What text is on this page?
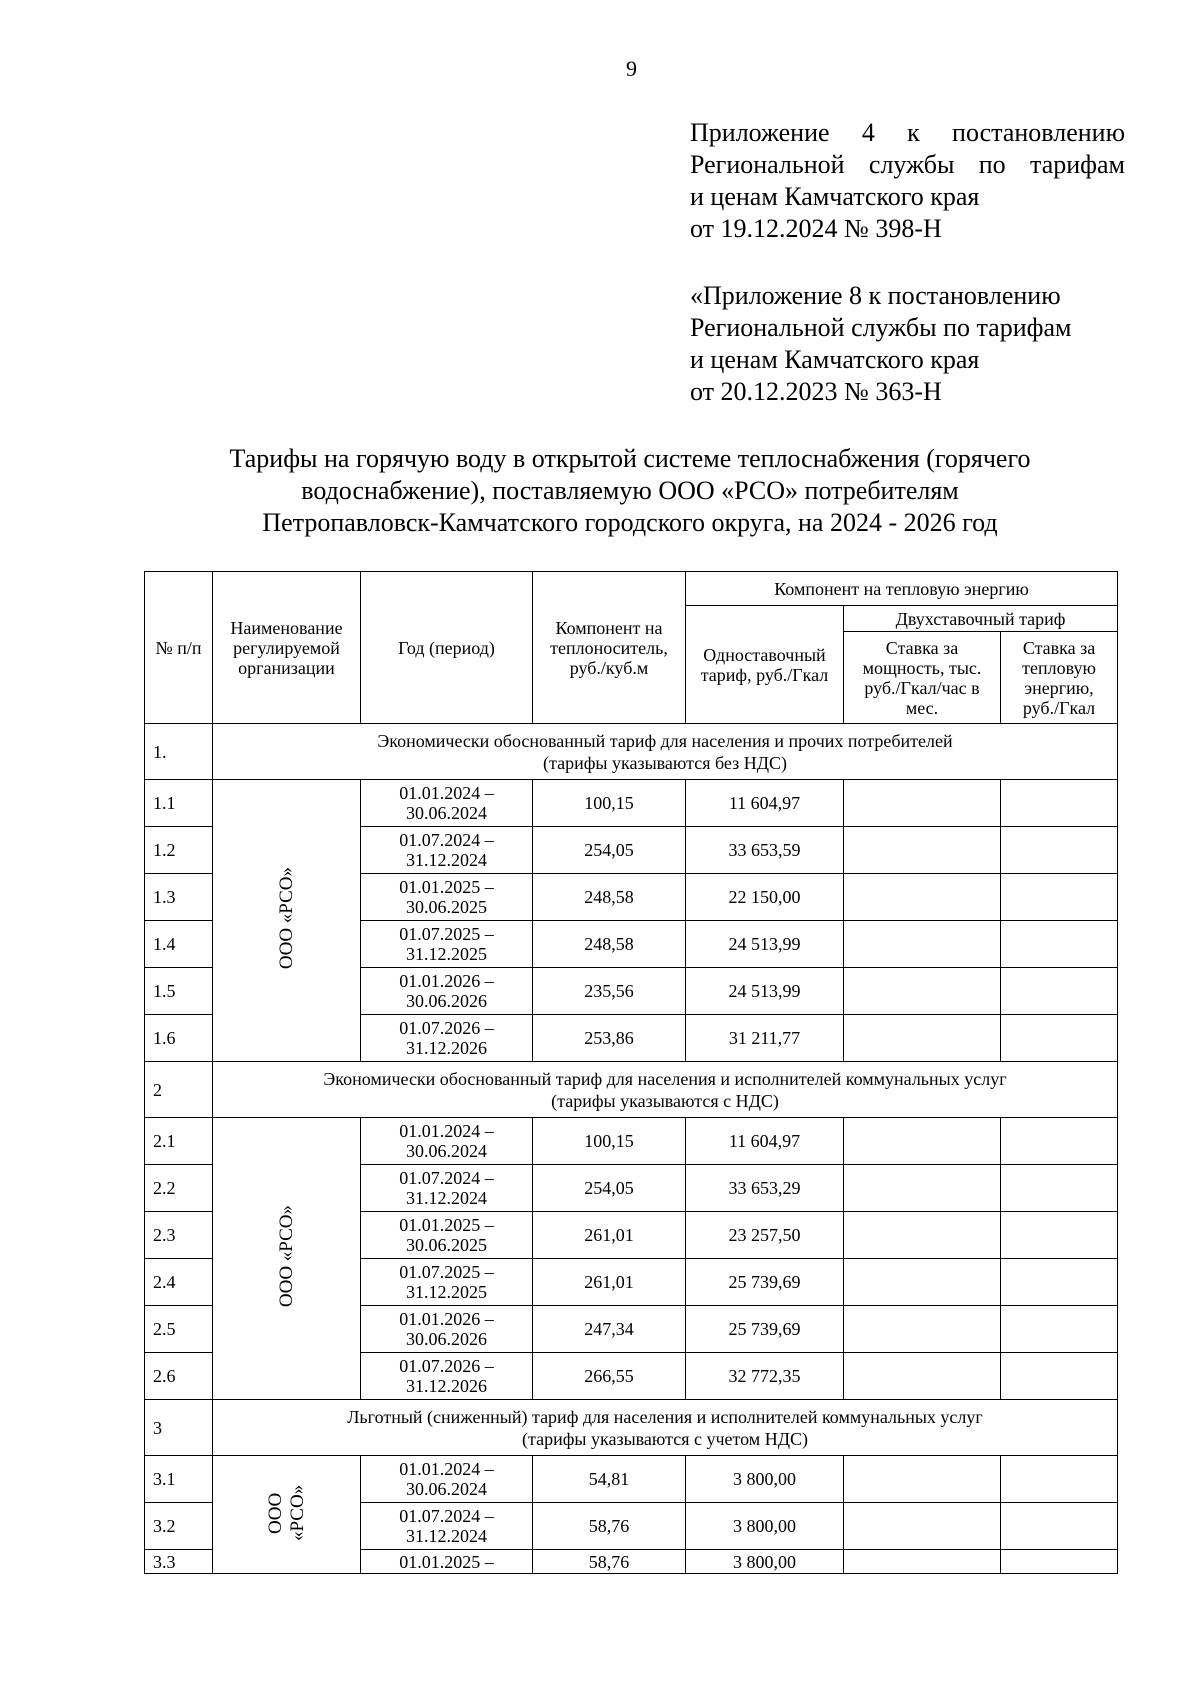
9
Приложение 4 к постановлению
Региональной службы по тарифам
и ценам Камчатского края
от 19.12.2024 № 398-Н
«Приложение 8 к постановлению
Региональной службы по тарифам
и ценам Камчатского края
от 20.12.2023 № 363-Н
Тарифы на горячую воду в открытой системе теплоснабжения (горячего
водоснабжение), поставляемую ООО «РСО» потребителям
Петропавловск-Камчатского городского округа, на 2024 - 2026 год
№ п/п	Наименование регулируемой организации	Год (период)	Компонент на теплоноситель, руб./куб.м	Компонент на тепловую энергию		
				Одноставочный тариф, руб./Гкал	Двухставочный тариф	
					Ставка за мощность, тыс. руб./Гкал/час в мес.	Ставка за тепловую энергию, руб./Гкал
1.	Экономически обоснованный тариф для населения и прочих потребителей
(тарифы указываются без НДС)					
1.1	ООО «РСО»	01.01.2024 –
30.06.2024	100,15	11 604,97		
1.2		01.07.2024 –
31.12.2024	254,05	33 653,59		
1.3		01.01.2025 –
30.06.2025	248,58	22 150,00		
1.4		01.07.2025 –
31.12.2025	248,58	24 513,99		
1.5		01.01.2026 –
30.06.2026	235,56	24 513,99		
1.6		01.07.2026 –
31.12.2026	253,86	31 211,77		
2	Экономически обоснованный тариф для населения и исполнителей коммунальных услуг
(тарифы указываются с НДС)					
2.1	ООО «РСО»	01.01.2024 –
30.06.2024	100,15	11 604,97		
2.2		01.07.2024 –
31.12.2024	254,05	33 653,29		
2.3		01.01.2025 –
30.06.2025	261,01	23 257,50		
2.4		01.07.2025 –
31.12.2025	261,01	25 739,69		
2.5		01.01.2026 –
30.06.2026	247,34	25 739,69		
2.6		01.07.2026 –
31.12.2026	266,55	32 772,35		
3	Льготный (сниженный) тариф для населения и исполнителей коммунальных услуг
(тарифы указываются с учетом НДС)					
3.1	ООО «РСО»	01.01.2024 –
30.06.2024	54,81	3 800,00		
3.2		01.07.2024 –
31.12.2024	58,76	3 800,00		
3.3		01.01.2025 –	58,76	3 800,00		
